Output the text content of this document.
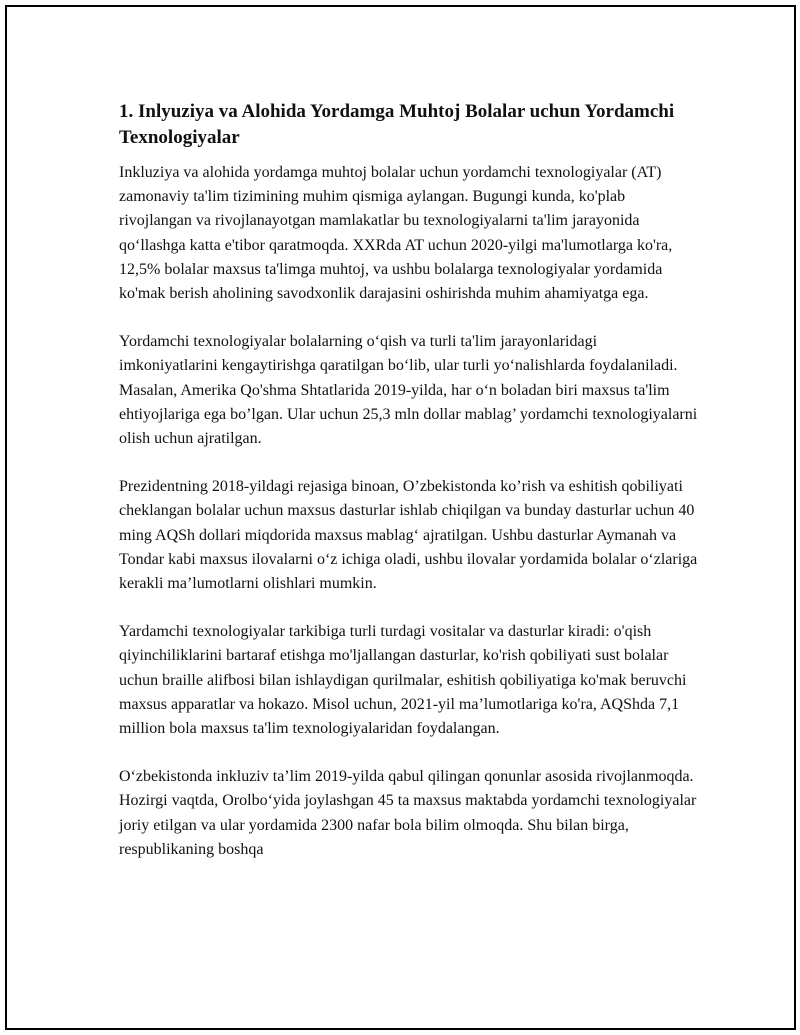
1. Inlyuziya va Alohida Yordamga Muhtoj Bolalar uchun Yordamchi Texnologiyalar

Inkluziya va alohida yordamga muhtoj bolalar uchun yordamchi texnologiyalar (AT) zamonaviy ta'lim tizimining muhim qismiga aylangan. Bugungi kunda, ko'plab rivojlangan va rivojlanayotgan mamlakatlar bu texnologiyalarni ta'lim jarayonida qo‘llashga katta e'tibor qaratmoqda. XXRda AT uchun 2020-yilgi ma'lumotlarga ko'ra, 12,5% bolalar maxsus ta'limga muhtoj, va ushbu bolalarga texnologiyalar yordamida ko'mak berish aholining savodxonlik darajasini oshirishda muhim ahamiyatga ega.

Yordamchi texnologiyalar bolalarning o‘qish va turli ta'lim jarayonlaridagi imkoniyatlarini kengaytirishga qaratilgan bo‘lib, ular turli yo‘nalishlarda foydalaniladi. Masalan, Amerika Qo'shma Shtatlarida 2019-yilda, har o‘n boladan biri maxsus ta'lim ehtiyojlariga ega bo’lgan. Ular uchun 25,3 mln dollar mablag’ yordamchi texnologiyalarni olish uchun ajratilgan.

Prezidentning 2018-yildagi rejasiga binoan, O’zbekistonda ko’rish va eshitish qobiliyati cheklangan bolalar uchun maxsus dasturlar ishlab chiqilgan va bunday dasturlar uchun 40 ming AQSh dollari miqdorida maxsus mablag‘ ajratilgan. Ushbu dasturlar Aymanah va Tondar kabi maxsus ilovalarni o‘z ichiga oladi, ushbu ilovalar yordamida bolalar o‘zlariga kerakli ma’lumotlarni olishlari mumkin.

Yardamchi texnologiyalar tarkibiga turli turdagi vositalar va dasturlar kiradi: o'qish qiyinchiliklarini bartaraf etishga mo'ljallangan dasturlar, ko'rish qobiliyati sust bolalar uchun braille alifbosi bilan ishlaydigan qurilmalar, eshitish qobiliyatiga ko'mak beruvchi maxsus apparatlar va hokazo. Misol uchun, 2021-yil ma’lumotlariga ko'ra, AQShda 7,1 million bola maxsus ta'lim texnologiyalaridan foydalangan.

O‘zbekistonda inkluziv ta’lim 2019-yilda qabul qilingan qonunlar asosida rivojlanmoqda. Hozirgi vaqtda, Orolbo‘yida joylashgan 45 ta maxsus maktabda yordamchi texnologiyalar joriy etilgan va ular yordamida 2300 nafar bola bilim olmoqda. Shu bilan birga, respublikaning boshqa
